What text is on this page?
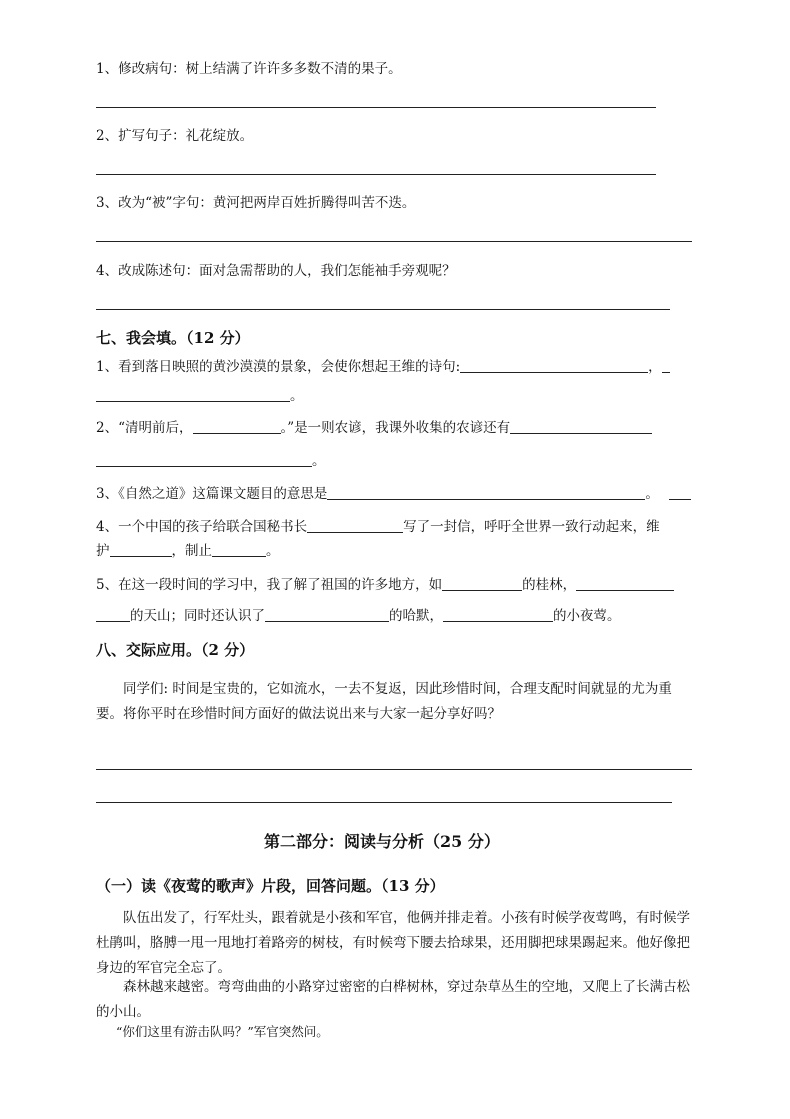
1、修改病句：树上结满了许许多多数不清的果子。
2、扩写句子：礼花绽放。
3、改为“被”字句：黄河把两岸百姓折腾得叫苦不迭。
4、改成陈述句：面对急需帮助的人，我们怎能袖手旁观呢？
七、我会填。（12 分）
1、看到落日映照的黄沙漠漠的景象，会使你想起王维的诗句:	，
。
2、“清明前后，	。”是一则农谚，我课外收集的农谚还有
。
3、《自然之道》这篇课文题目的意思是	。
4、一个中国的孩子给联合国秘书长	写了一封信，呼吁全世界一致行动起来，维
护	，制止	。
5、在这一段时间的学习中，我了解了祖国的许多地方，如	的桂林，
的天山；同时还认识了	的哈默，	的小夜莺。
八、交际应用。（2 分）
同学们: 时间是宝贵的，它如流水，一去不复返，因此珍惜时间，合理支配时间就显的尤为重要。将你平时在珍惜时间方面好的做法说出来与大家一起分享好吗？
第二部分：阅读与分析（25 分）
（一）读《夜莺的歌声》片段，回答问题。（13 分）
队伍出发了，行军灶头，跟着就是小孩和军官，他俩并排走着。小孩有时候学夜莺鸣，有时候学杜鹃叫，胳膊一甩一甩地打着路旁的树枝，有时候弯下腰去拾球果，还用脚把球果踢起来。他好像把身边的军官完全忘了。
森林越来越密。弯弯曲曲的小路穿过密密的白桦树林，穿过杂草丛生的空地，又爬上了长满古松的小山。
“你们这里有游击队吗？”军官突然问。
